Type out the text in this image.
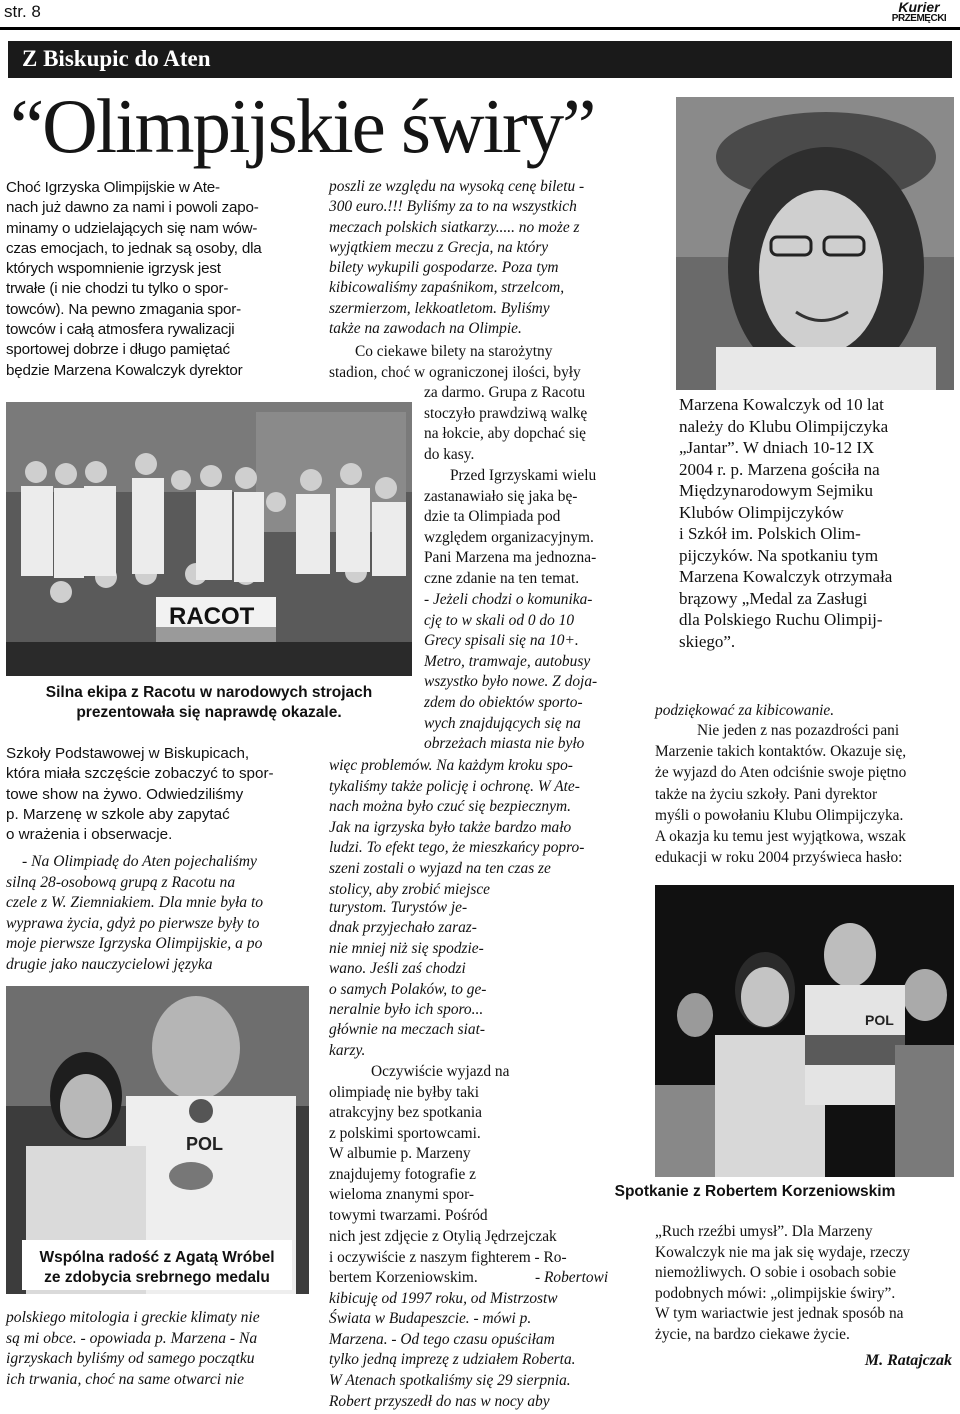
str. 8	Kurier
PRZEMĘCKI
Z Biskupic do Aten
“Olimpijskie świry”
Choć Igrzyska Olimpijskie w Ate-
nach już dawno za nami i powoli zapo-
minamy o udzielających się nam wów-
czas emocjach, to jednak są osoby, dla
których wspomnienie igrzysk jest
trwałe (i nie chodzi tu tylko o spor-
towców). Na pewno zmagania spor-
towców i całą atmosfera rywalizacji
sportowej dobrze i długo pamiętać
będzie Marzena Kowalczyk dyrektor
RACOT
Silna ekipa z Racotu w narodowych strojach
prezentowała się naprawdę okazale.
Szkoły Podstawowej w Biskupicach,
która miała szczęście zobaczyć to spor-
towe show na żywo. Odwiedziliśmy
p. Marzenę w szkole aby zapytać
o wrażenia i obserwacje.
- Na Olimpiadę do Aten pojechaliśmy
silną 28-osobową grupą z Racotu na
czele z W. Ziemniakiem. Dla mnie była to
wyprawa życia, gdyż po pierwsze były to
moje pierwsze Igrzyska Olimpijskie, a po
drugie jako nauczycielowi języka
POL
Wspólna radość z Agatą Wróbel
ze zdobycia srebrnego medalu
polskiego mitologia i greckie klimaty nie
są mi obce. - opowiada p. Marzena - Na
igrzyskach byliśmy od samego początku
ich trwania, choć na same otwarci nie
poszli ze względu na wysoką cenę biletu -
300 euro.!!! Byliśmy za to na wszystkich
meczach polskich siatkarzy..... no może z
wyjątkiem meczu z Grecja, na który
bilety wykupili gospodarze. Poza tym
kibicowaliśmy zapaśnikom, strzelcom,
szermierzom, lekkoatletom. Byliśmy
także na zawodach na Olimpie.
Co ciekawe bilety na starożytny
stadion, choć w ograniczonej ilości, były
za darmo. Grupa z Racotu
stoczyło prawdziwą walkę
na łokcie, aby dopchać się
do kasy.
Przed Igrzyskami wielu
zastanawiało się jaka bę-
dzie ta Olimpiada pod
względem organizacyjnym.
Pani Marzena ma jednozna-
czne zdanie na ten temat.
- Jeżeli chodzi o komunika-
cję to w skali od 0 do 10
Grecy spisali się na 10+.
Metro, tramwaje, autobusy
wszystko było nowe. Z doja-
zdem do obiektów sporto-
wych znajdujących się na
obrzeżach miasta nie było
więc problemów. Na każdym kroku spo-
tykaliśmy także policję i ochronę. W Ate-
nach można było czuć się bezpiecznym.
Jak na igrzyska było także bardzo mało
ludzi. To efekt tego, że mieszkańcy popro-
szeni zostali o wyjazd na ten czas ze
stolicy, aby zrobić miejsce
turystom. Turystów je-
dnak przyjechało zaraz-
nie mniej niż się spodzie-
wano. Jeśli zaś chodzi
o samych Polaków, to ge-
neralnie było ich sporo...
głównie na meczach siat-
karzy.
Oczywiście wyjazd na
olimpiadę nie byłby taki
atrakcyjny bez spotkania
z polskimi sportowcami.
W albumie p. Marzeny
znajdujemy fotografie z
wieloma znanymi spor-
towymi twarzami. Pośród
nich jest zdjęcie z Otylią Jędrzejczak
i oczywiście z naszym fighterem - Ro-
bertem Korzeniowskim.	- Robertowi
kibicuję od 1997 roku, od Mistrzostw
Świata w Budapeszcie. - mówi p.
Marzena. - Od tego czasu opuściłam
tylko jedną imprezę z udziałem Roberta.
W Atenach spotkaliśmy się 29 sierpnia.
Robert przyszedł do nas w nocy aby
Marzena Kowalczyk od 10 lat
należy do Klubu Olimpijczyka
„Jantar”. W dniach 10-12 IX
2004 r. p. Marzena gościła na
Międzynarodowym Sejmiku
Klubów Olimpijczyków
i Szkół im. Polskich Olim-
pijczyków. Na spotkaniu tym
Marzena Kowalczyk otrzymała
brązowy „Medal za Zasługi
dla Polskiego Ruchu Olimpij-
skiego”.
podziękować za kibicowanie.
Nie jeden z nas pozazdrości pani
Marzenie takich kontaktów. Okazuje się,
że wyjazd do Aten odciśnie swoje piętno
także na życiu szkoły. Pani dyrektor
myśli o powołaniu Klubu Olimpijczyka.
A okazja ku temu jest wyjątkowa, wszak
edukacji w roku 2004 przyświeca hasło:
POL
Spotkanie z Robertem Korzeniowskim
„Ruch rzeźbi umysł”. Dla Marzeny
Kowalczyk nie ma jak się wydaje, rzeczy
niemożliwych. O sobie i osobach sobie
podobnych mówi: „olimpijskie świry”.
W tym wariactwie jest jednak sposób na
życie, na bardzo ciekawe życie.
M. Ratajczak
